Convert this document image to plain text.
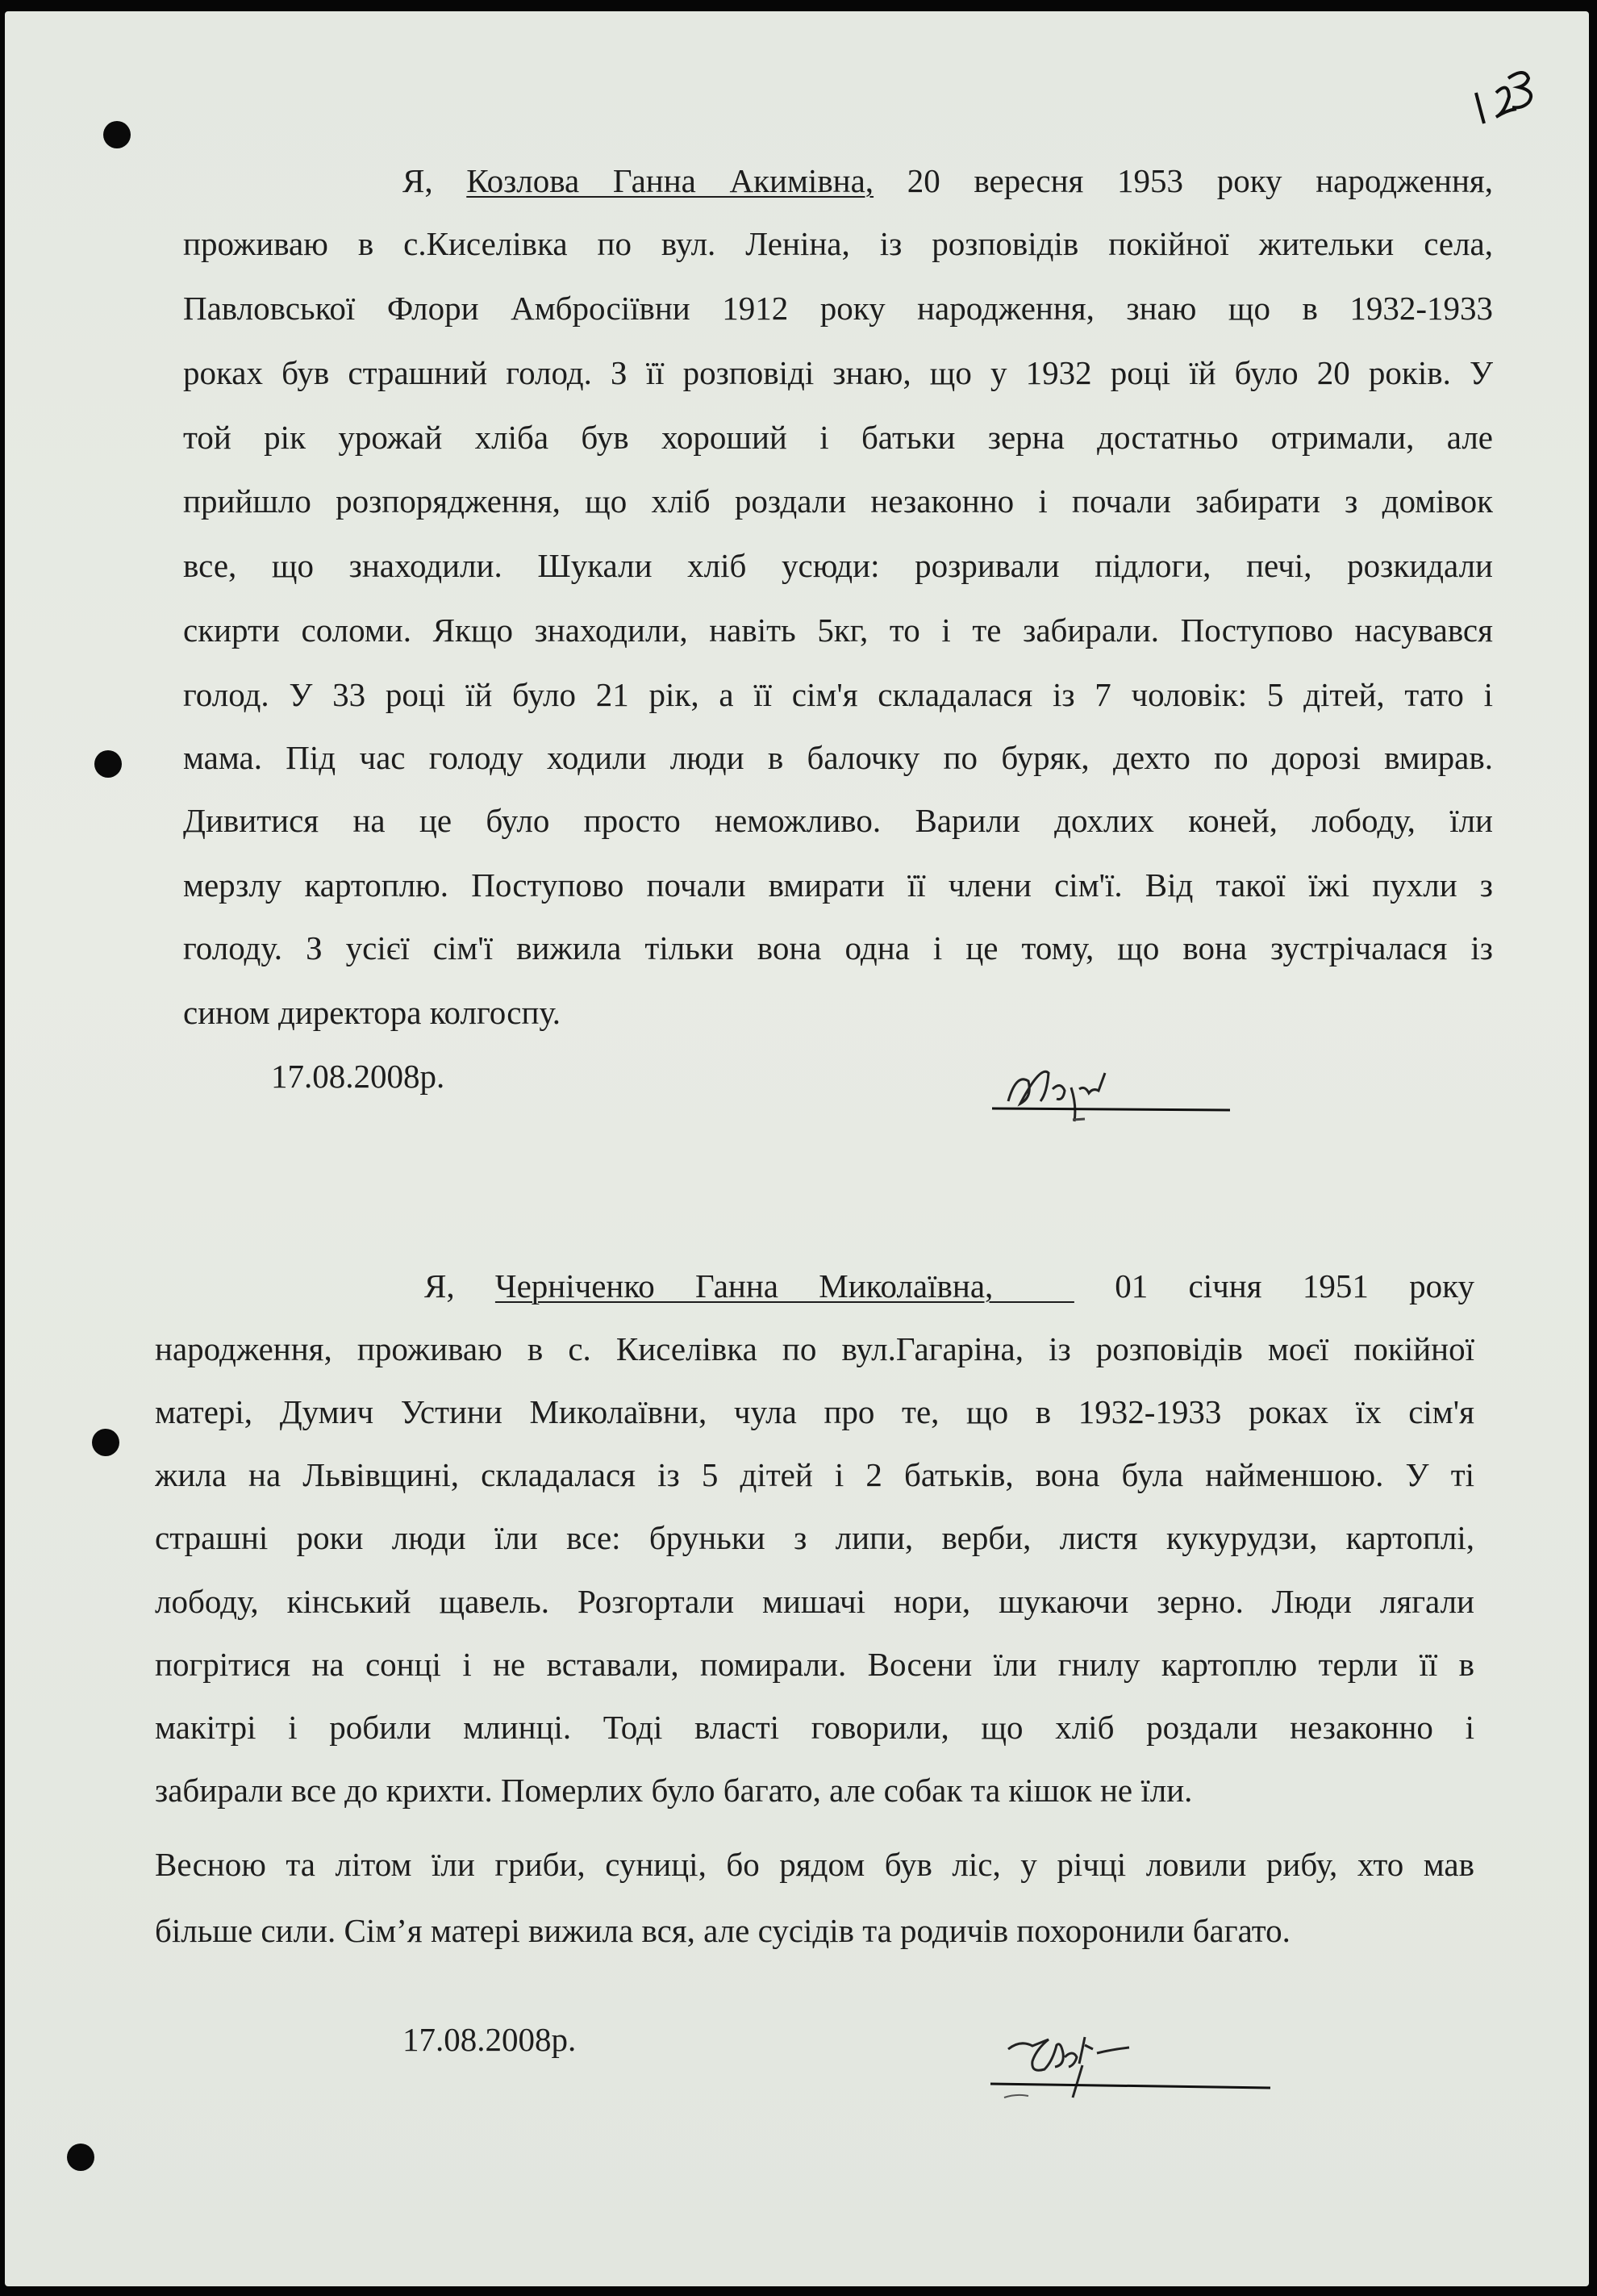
Я, Козлова Ганна Акимівна, 20 вересня 1953 року народження,
проживаю в с.Киселівка по вул. Леніна, із розповідів покійної жительки села,
Павловської Флори Амбросіївни 1912 року народження, знаю що в 1932-1933
роках був страшний голод. З її розповіді знаю, що у 1932 році їй було 20 років. У
той рік урожай хліба був хороший і батьки зерна достатньо отримали, але
прийшло розпорядження, що хліб роздали незаконно і почали забирати з домівок
все, що знаходили. Шукали хліб усюди: розривали підлоги, печі, розкидали
скирти соломи. Якщо знаходили, навіть 5кг, то і те забирали. Поступово насувався
голод. У 33 році їй було 21 рік, а її сім'я складалася із 7 чоловік: 5 дітей, тато і
мама. Під час голоду ходили люди в балочку по буряк, дехто по дорозі вмирав.
Дивитися на це було просто неможливо. Варили дохлих коней, лободу, їли
мерзлу картоплю. Поступово почали вмирати її члени сім'ї. Від такої їжі пухли з
голоду. З усієї сім'ї вижила тільки вона одна і це тому, що вона зустрічалася із
сином директора колгоспу.
17.08.2008р.
Я, Черніченко Ганна Миколаївна,   01 січня 1951 року
народження, проживаю в с. Киселівка по вул.Гагаріна, із розповідів моєї покійної
матері, Думич Устини Миколаївни, чула про те, що в 1932-1933 роках їх сім'я
жила на Львівщині, складалася із 5 дітей і 2 батьків, вона була найменшою. У ті
страшні роки люди їли все: бруньки з липи, верби, листя кукурудзи, картоплі,
лободу, кінський щавель. Розгортали мишачі нори, шукаючи зерно. Люди лягали
погрітися на сонці і не вставали, помирали. Восени їли гнилу картоплю терли її в
макітрі і робили млинці. Тоді власті говорили, що хліб роздали незаконно і
забирали все до крихти. Померлих було багато, але собак та кішок не їли.
Весною та літом їли гриби, суниці, бо рядом був ліс, у річці ловили рибу, хто мав
більше сили. Сім’я матері вижила вся, але сусідів та родичів похоронили багато.
17.08.2008р.
